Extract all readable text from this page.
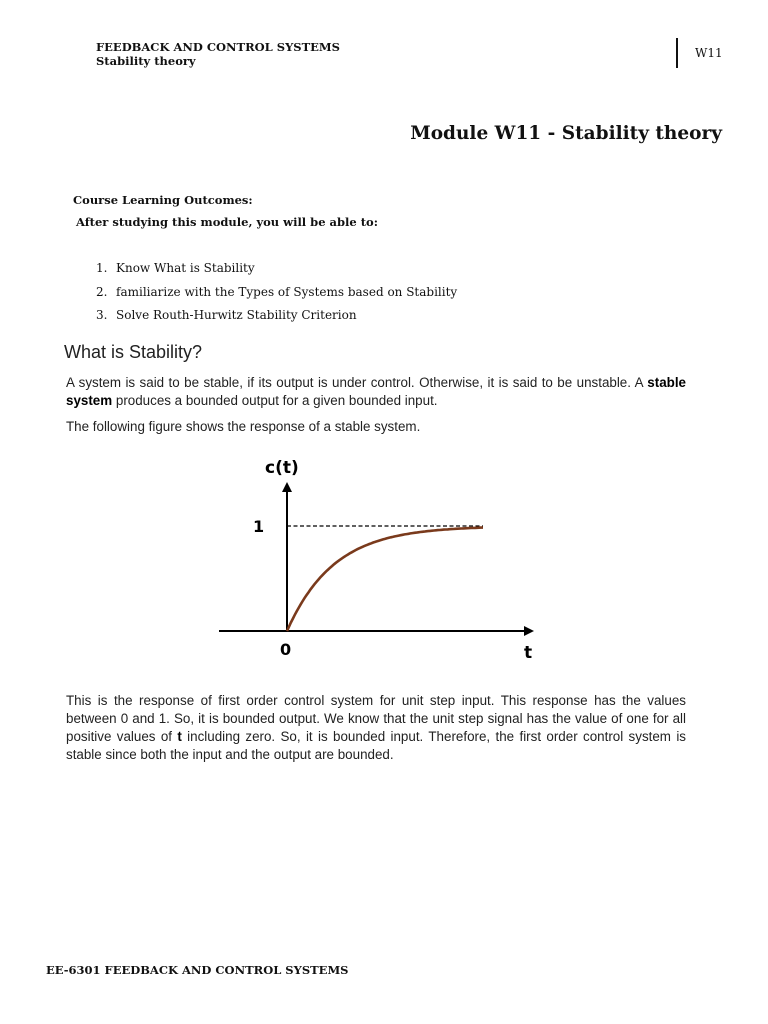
FEEDBACK AND CONTROL SYSTEMS
Stability theory
W11
Module W11 - Stability theory
Course Learning Outcomes:
After studying this module, you will be able to:
1. Know What is Stability
2. familiarize with the Types of Systems based on Stability
3. Solve Routh-Hurwitz Stability Criterion
What is Stability?

A system is said to be stable, if its output is under control. Otherwise, it is said to be unstable. A stable system produces a bounded output for a given bounded input.

The following figure shows the response of a stable system.

c(t)
1
0	t

This is the response of first order control system for unit step input. This response has the values between 0 and 1. So, it is bounded output. We know that the unit step signal has the value of one for all positive values of t including zero. So, it is bounded input. Therefore, the first order control system is stable since both the input and the output are bounded.

EE-6301 FEEDBACK AND CONTROL SYSTEMS
